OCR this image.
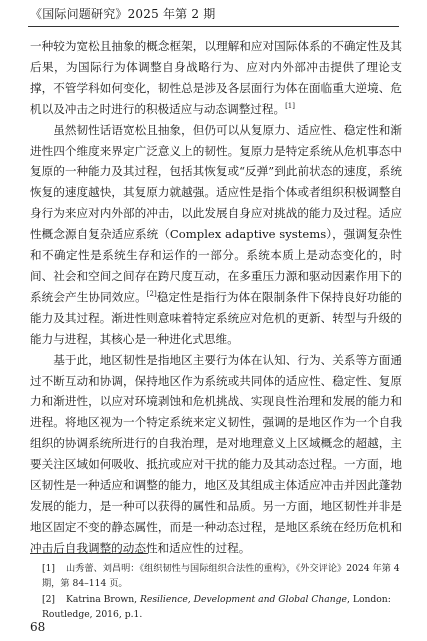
《国际问题研究》2025 年第 2 期

一种较为宽松且抽象的概念框架，以理解和应对国际体系的不确定性及其后果，为国际行为体调整自身战略行为、应对内外部冲击提供了理论支撑，不管学科如何变化，韧性总是涉及各层面行为体在面临重大逆境、危机以及冲击之时进行的积极适应与动态调整过程。[1]

虽然韧性话语宽松且抽象，但仍可以从复原力、适应性、稳定性和渐进性四个维度来界定广泛意义上的韧性。复原力是特定系统从危机事态中复原的一种能力及其过程，包括其恢复或“反弹”到此前状态的速度，系统恢复的速度越快，其复原力就越强。适应性是指个体或者组织积极调整自身行为来应对内外部的冲击，以此发展自身应对挑战的能力及过程。适应性概念源自复杂适应系统（Complex adaptive systems），强调复杂性和不确定性是系统生存和运作的一部分。系统本质上是动态变化的，时间、社会和空间之间存在跨尺度互动，在多重压力源和驱动因素作用下的系统会产生协同效应。[2]稳定性是指行为体在限制条件下保持良好功能的能力及其过程。渐进性则意味着特定系统应对危机的更新、转型与升级的能力与进程，其核心是一种进化式思维。

基于此，地区韧性是指地区主要行为体在认知、行为、关系等方面通过不断互动和协调，保持地区作为系统或共同体的适应性、稳定性、复原力和渐进性，以应对环境剥蚀和危机挑战、实现良性治理和发展的能力和进程。将地区视为一个特定系统来定义韧性，强调的是地区作为一个自我组织的协调系统所进行的自我治理，是对地理意义上区域概念的超越，主要关注区域如何吸收、抵抗或应对干扰的能力及其动态过程。一方面，地区韧性是一种适应和调整的能力，地区及其组成主体适应冲击并因此蓬勃发展的能力，是一种可以获得的属性和品质。另一方面，地区韧性并非是地区固定不变的静态属性，而是一种动态过程，是地区系统在经历危机和冲击后自我调整的动态性和适应性的过程。

[1] 山秀蕾、刘昌明：《组织韧性与国际组织合法性的重构》，《外交评论》2024 年第 4 期，第 84–114 页。
[2] Katrina Brown, Resilience, Development and Global Change, London: Routledge, 2016, p.1.
68
